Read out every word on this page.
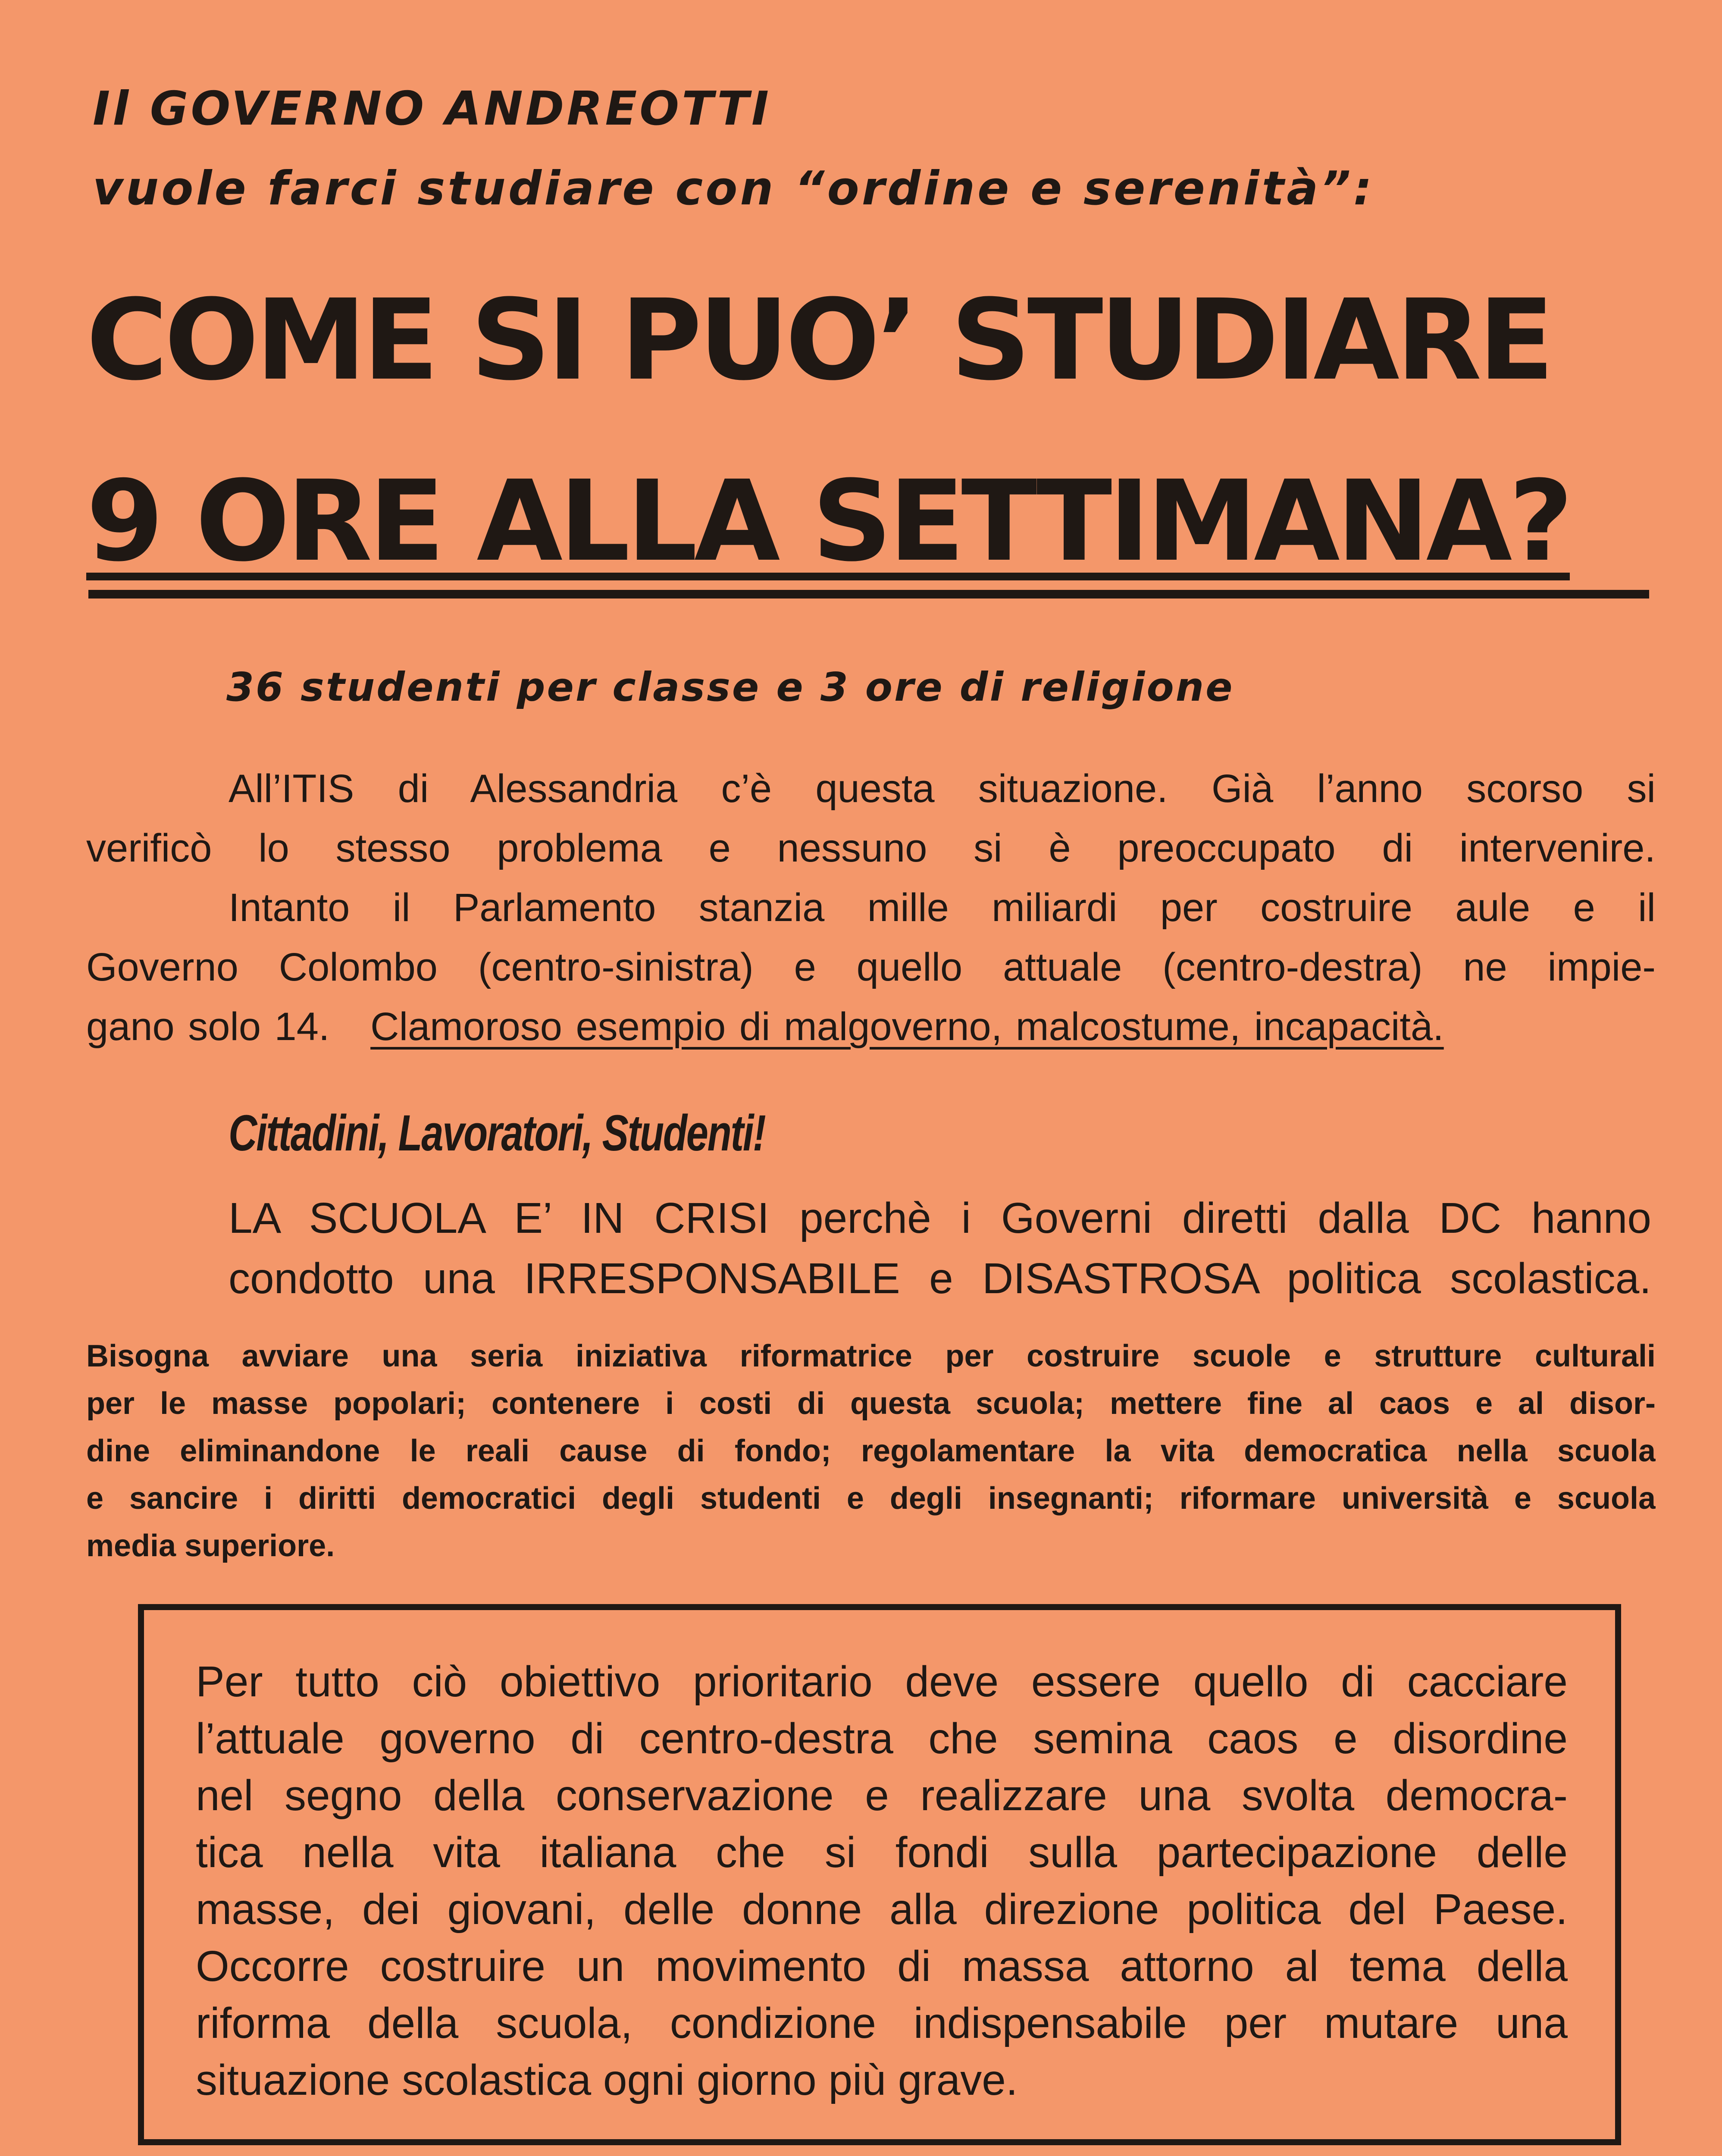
Il GOVERNO ANDREOTTI
vuole farci studiare con “ordine e serenità”:
COME SI PUO’ STUDIARE
9 ORE ALLA SETTIMANA?
36 studenti per classe e 3 ore di religione
All’ITIS di Alessandria c’è questa situazione. Già l’anno scorso si
verificò lo stesso problema e nessuno si è preoccupato di intervenire.
Intanto il Parlamento stanzia mille miliardi per costruire aule e il
Governo Colombo (centro-sinistra) e quello attuale (centro-destra) ne impie-
gano solo 14. Clamoroso esempio di malgoverno, malcostume, incapacità.
Cittadini, Lavoratori, Studenti!
LA SCUOLA E’ IN CRISI perchè i Governi diretti dalla DC hanno
condotto una IRRESPONSABILE e DISASTROSA politica scolastica.
Bisogna avviare una seria iniziativa riformatrice per costruire scuole e strutture culturali
per le masse popolari; contenere i costi di questa scuola; mettere fine al caos e al disor-
dine eliminandone le reali cause di fondo; regolamentare la vita democratica nella scuola
e sancire i diritti democratici degli studenti e degli insegnanti; riformare università e scuola
media superiore.
Per tutto ciò obiettivo prioritario deve essere quello di cacciare
l’attuale governo di centro-destra che semina caos e disordine
nel segno della conservazione e realizzare una svolta democra-
tica nella vita italiana che si fondi sulla partecipazione delle
masse, dei giovani, delle donne alla direzione politica del Paese.
Occorre costruire un movimento di massa attorno al tema della
riforma della scuola, condizione indispensabile per mutare una
situazione scolastica ogni giorno più grave.
